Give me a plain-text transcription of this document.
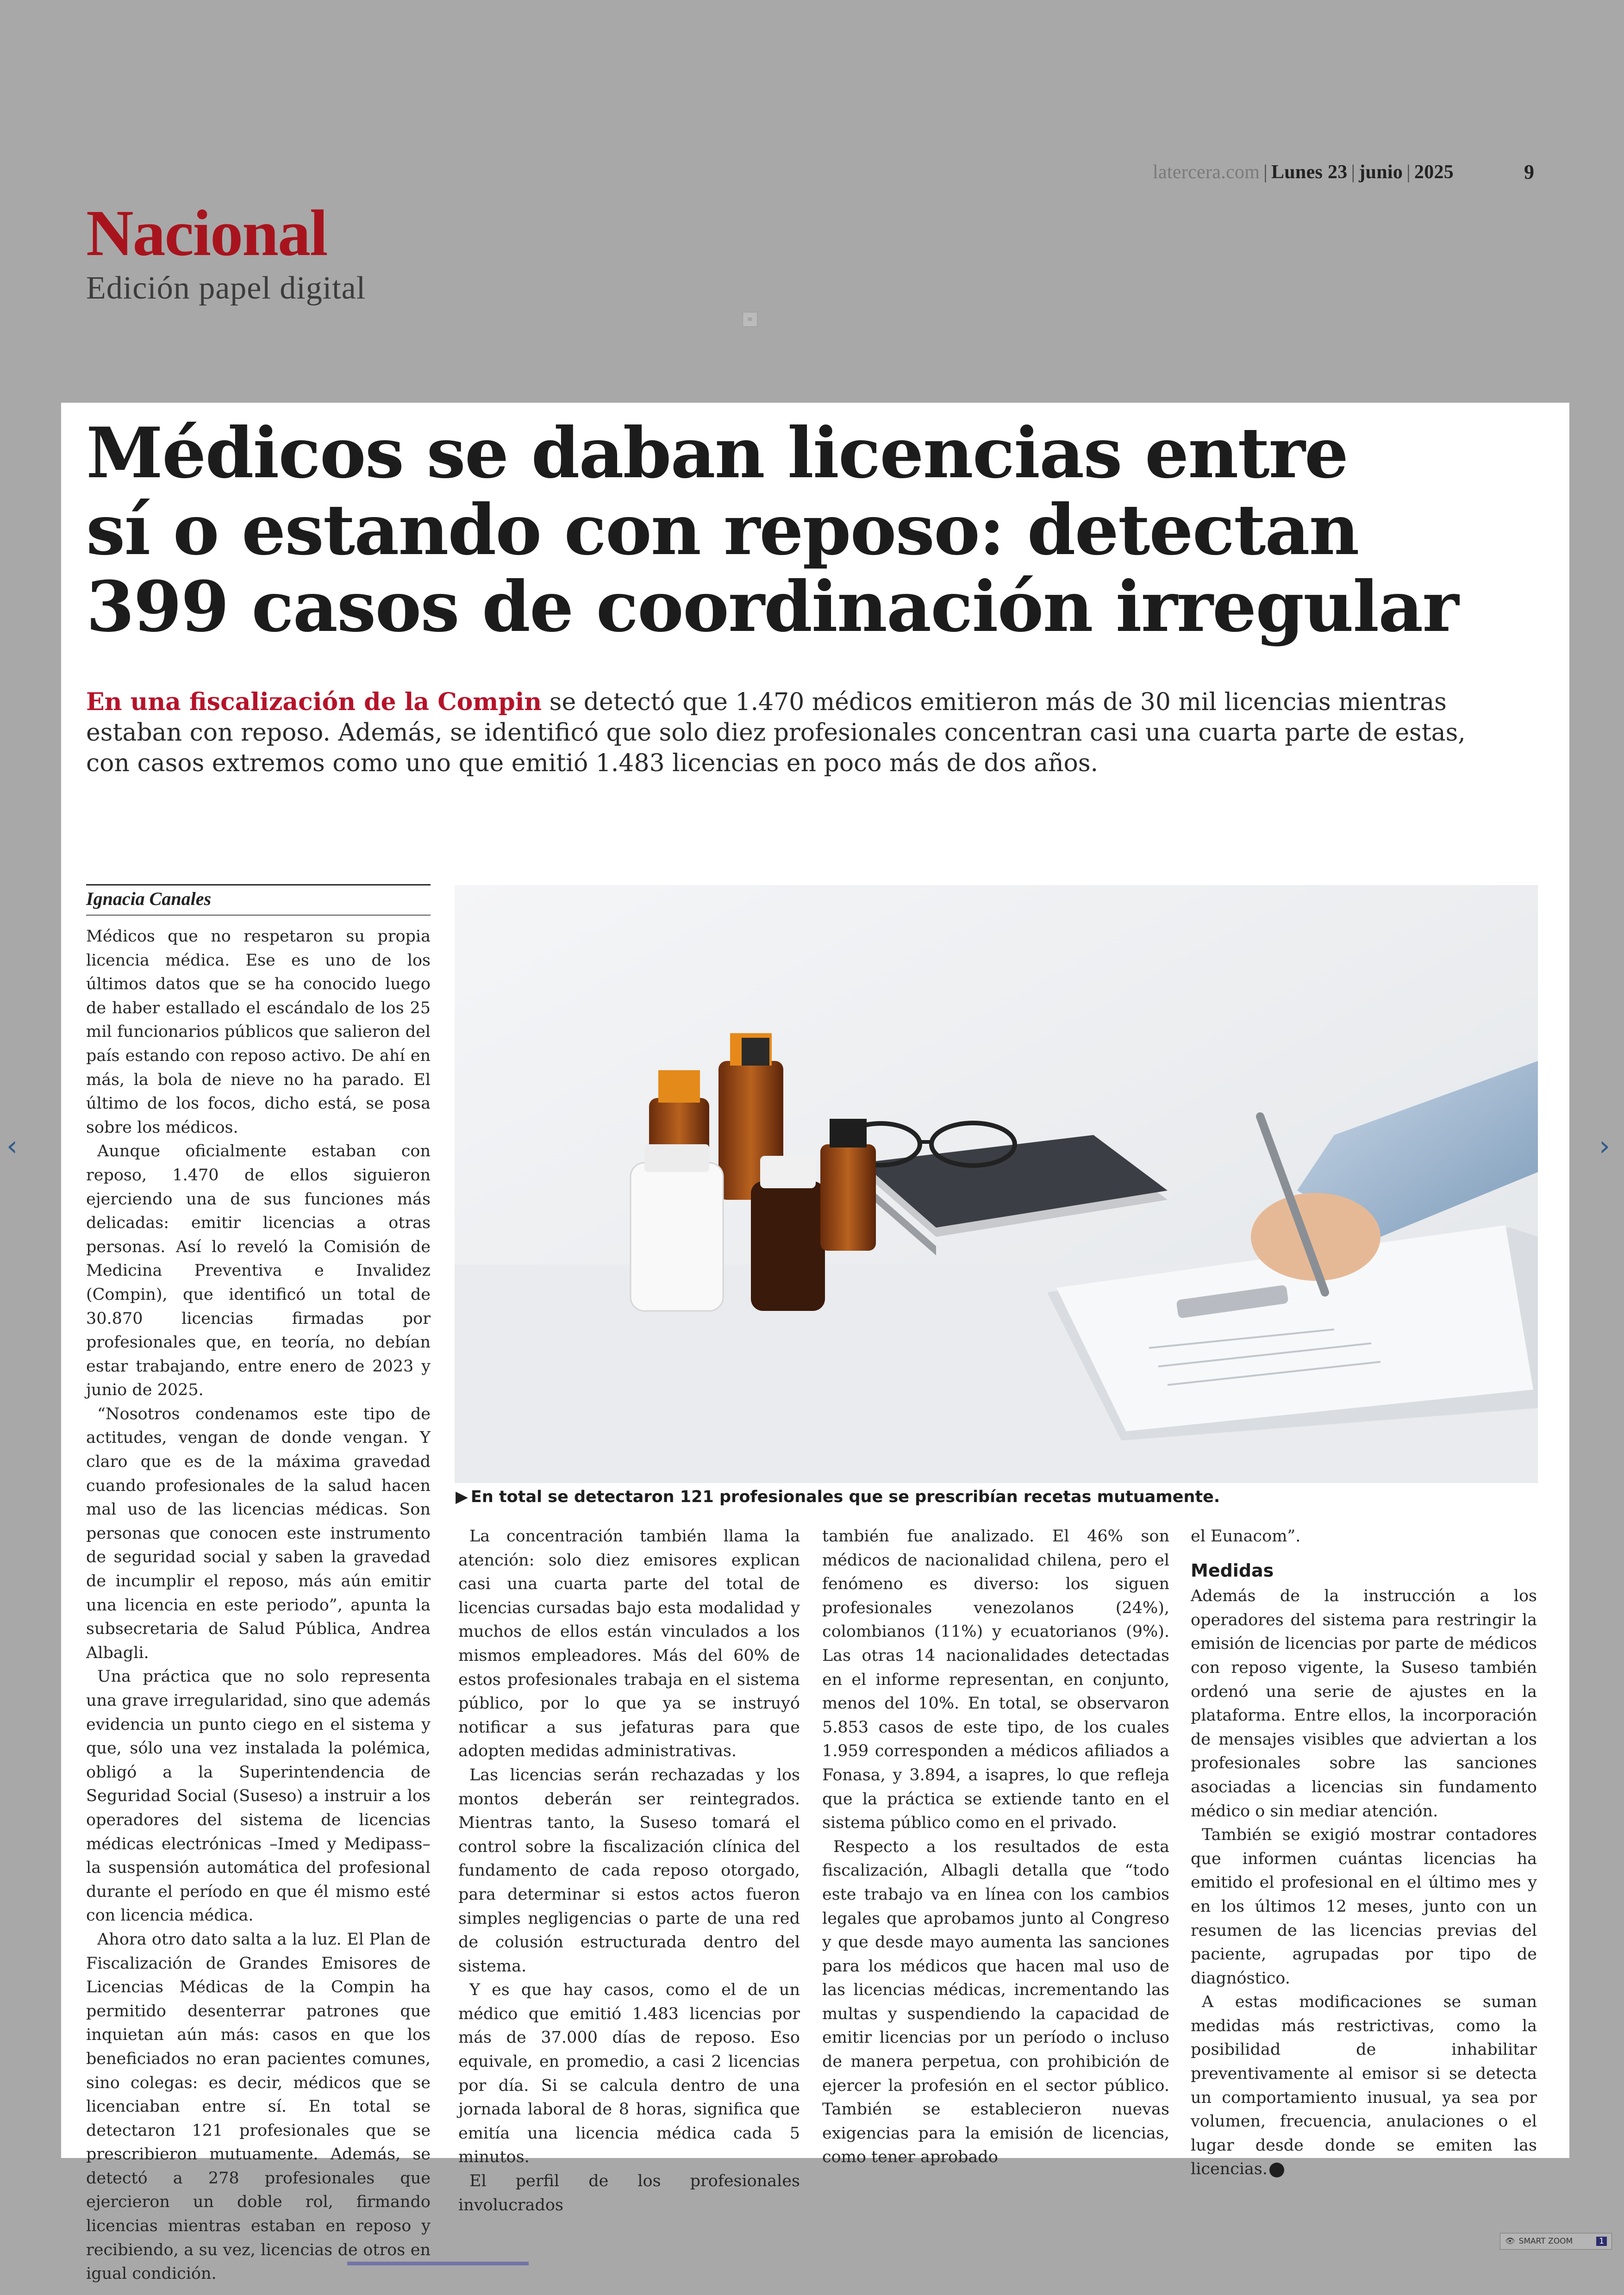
latercera.com | Lunes 23 | junio | 2025	9
Nacional
Edición papel digital
≡
‹	›
Médicos se daban licencias entre
sí o estando con reposo: detectan
399 casos de coordinación irregular
En una fiscalización de la Compin se detectó que 1.470 médicos emitieron más de 30 mil licencias mientras
estaban con reposo. Además, se identificó que solo diez profesionales concentran casi una cuarta parte de estas,
con casos extremos como uno que emitió 1.483 licencias en poco más de dos años.
Ignacia Canales

Médicos que no respetaron su propia licencia médica. Ese es uno de los últimos datos que se ha conocido luego de haber estallado el escándalo de los 25 mil funcionarios públicos que salieron del país estando con reposo activo. De ahí en más, la bola de nieve no ha parado. El último de los focos, dicho está, se posa sobre los médicos.

Aunque oficialmente estaban con reposo, 1.470 de ellos siguieron ejerciendo una de sus funciones más delicadas: emitir licencias a otras personas. Así lo reveló la Comisión de Medicina Preventiva e Invalidez (Compin), que identificó un total de 30.870 licencias firmadas por profesionales que, en teoría, no debían estar trabajando, entre enero de 2023 y junio de 2025.

“Nosotros condenamos este tipo de actitudes, vengan de donde vengan. Y claro que es de la máxima gravedad cuando profesionales de la salud hacen mal uso de las licencias médicas. Son personas que conocen este instrumento de seguridad social y saben la gravedad de incumplir el reposo, más aún emitir una licencia en este periodo”, apunta la subsecretaria de Salud Pública, Andrea Albagli.

Una práctica que no solo representa una grave irregularidad, sino que además evidencia un punto ciego en el sistema y que, sólo una vez instalada la polémica, obligó a la Superintendencia de Seguridad Social (Suseso) a instruir a los operadores del sistema de licencias médicas electrónicas –Imed y Medipass– la suspensión automática del profesional durante el período en que él mismo esté con licencia médica.

Ahora otro dato salta a la luz. El Plan de Fiscalización de Grandes Emisores de Licencias Médicas de la Compin ha permitido desenterrar patrones que inquietan aún más: casos en que los beneficiados no eran pacientes comunes, sino colegas: es decir, médicos que se licenciaban entre sí. En total se detectaron 121 profesionales que se prescribieron mutuamente. Además, se detectó a 278 profesionales que ejercieron un doble rol, firmando licencias mientras estaban en reposo y recibiendo, a su vez, licencias de otros en igual condición.

▶ En total se detectaron 121 profesionales que se prescribían recetas mutuamente.

La concentración también llama la atención: solo diez emisores explican casi una cuarta parte del total de licencias cursadas bajo esta modalidad y muchos de ellos están vinculados a los mismos empleadores. Más del 60% de estos profesionales trabaja en el sistema público, por lo que ya se instruyó notificar a sus jefaturas para que adopten medidas administrativas.

Las licencias serán rechazadas y los montos deberán ser reintegrados. Mientras tanto, la Suseso tomará el control sobre la fiscalización clínica del fundamento de cada reposo otorgado, para determinar si estos actos fueron simples negligencias o parte de una red de colusión estructurada dentro del sistema.

Y es que hay casos, como el de un médico que emitió 1.483 licencias por más de 37.000 días de reposo. Eso equivale, en promedio, a casi 2 licencias por día. Si se calcula dentro de una jornada laboral de 8 horas, significa que emitía una licencia médica cada 5 minutos.

El perfil de los profesionales involucrados

también fue analizado. El 46% son médicos de nacionalidad chilena, pero el fenómeno es diverso: los siguen profesionales venezolanos (24%), colombianos (11%) y ecuatorianos (9%). Las otras 14 nacionalidades detectadas en el informe representan, en conjunto, menos del 10%. En total, se observaron 5.853 casos de este tipo, de los cuales 1.959 corresponden a médicos afiliados a Fonasa, y 3.894, a isapres, lo que refleja que la práctica se extiende tanto en el sistema público como en el privado.

Respecto a los resultados de esta fiscalización, Albagli detalla que “todo este trabajo va en línea con los cambios legales que aprobamos junto al Congreso y que desde mayo aumenta las sanciones para los médicos que hacen mal uso de las licencias médicas, incrementando las multas y suspendiendo la capacidad de emitir licencias por un período o incluso de manera perpetua, con prohibición de ejercer la profesión en el sector público. También se establecieron nuevas exigencias para la emisión de licencias, como tener aprobado

el Eunacom”.

Medidas

Además de la instrucción a los operadores del sistema para restringir la emisión de licencias por parte de médicos con reposo vigente, la Suseso también ordenó una serie de ajustes en la plataforma. Entre ellos, la incorporación de mensajes visibles que adviertan a los profesionales sobre las sanciones asociadas a licencias sin fundamento médico o sin mediar atención.

También se exigió mostrar contadores que informen cuántas licencias ha emitido el profesional en el último mes y en los últimos 12 meses, junto con un resumen de las licencias previas del paciente, agrupadas por tipo de diagnóstico.

A estas modificaciones se suman medidas más restrictivas, como la posibilidad de inhabilitar preventivamente al emisor si se detecta un comportamiento inusual, ya sea por volumen, frecuencia, anulaciones o el lugar desde donde se emiten las licencias.

👁 SMART ZOOM	1
